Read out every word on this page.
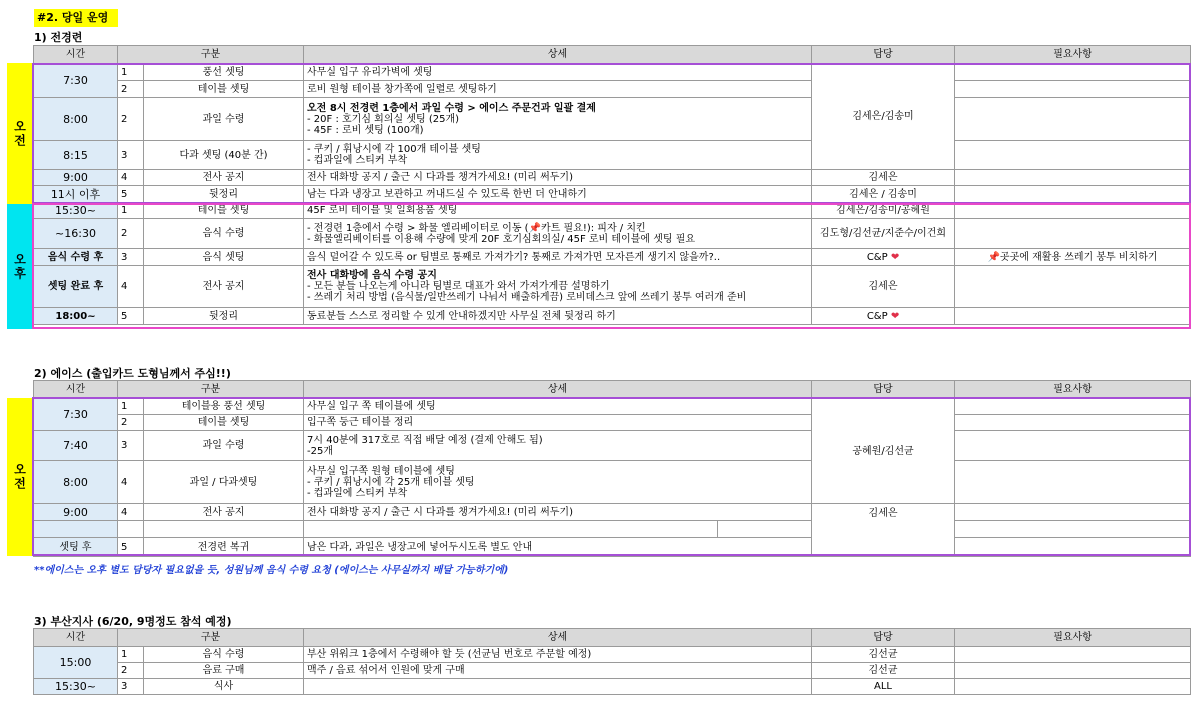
#2. 당일 운영
1) 전경련
오전
오후
시간	구분		상세	담당	필요사항
7:30	1	풍선 셋팅	사무실 입구 유리가벽에 셋팅	김세은/김송미	
	2	테이블 셋팅	로비 원형 테이블 창가쪽에 일렬로 셋팅하기		
8:00	2	과일 수령	오전 8시 전경련 1층에서 과일 수령 > 에이스 주문건과 일괄 결제
- 20F : 호기심 회의실 셋팅 (25개)
- 45F : 로비 셋팅 (100개)		

8:15	3	다과 셋팅 (40분 간)	- 쿠키 / 휘낭시에 각 100개 테이블 셋팅
- 컵과일에 스티커 부착		

9:00	4	전사 공지	전사 대화방 공지 / 출근 시 다과를 챙겨가세요! (미리 써두기)	김세은	
11시 이후	5	뒷정리	남는 다과 냉장고 보관하고 꺼내드실 수 있도록 한번 더 안내하기	김세은 / 김송미	
15:30~	1	테이블 셋팅	45F 로비 테이블 및 일회용품 셋팅	김세은/김송미/공혜원	
~16:30	2	음식 수령	- 전경련 1층에서 수령 > 화물 엘리베이터로 이동 (📌카트 필요!): 피자 / 치킨
- 화물엘리베이터를 이용해 수량에 맞게 20F 호기심회의실/ 45F 로비 테이블에 셋팅 필요	김도형/김선균/지준수/이건희	
음식 수령 후	3	음식 셋팅	음식 덜어갈 수 있도록 or 팀별로 통째로 가져가기? 통째로 가져가면 모자른게 생기지 않을까?..	C&P ❤	📌곳곳에 재활용 쓰레기 봉투 비치하기
셋팅 완료 후	4	전사 공지	전사 대화방에 음식 수령 공지
- 모든 분들 나오는게 아니라 팀별로 대표가 와서 가져가게끔 설명하기
- 쓰레기 처리 방법 (음식물/일반쓰레기 나눠서 배출하게끔) 로비데스크 앞에 쓰레기 봉투 여러개 준비	김세은	
18:00~	5	뒷정리	동료분들 스스로 정리할 수 있게 안내하겠지만 사무실 전체 뒷정리 하기	C&P ❤	
2) 에이스 (출입카드 도형님께서 주심!!)
오전
시간	구분		상세		담당	필요사항
7:30	1	테이블용 풍선 셋팅	사무실 입구 쪽 테이블에 셋팅		공혜원/김선균	
	2	테이블 셋팅	입구쪽 둥근 테이블 정리			
7:40	3	과일 수령	7시 40분에 317호로 직접 배달 예정 (결제 안해도 됨)
-25개			

8:00	4	과일 / 다과셋팅	사무실 입구쪽 원형 테이블에 셋팅
- 쿠키 / 휘낭시에 각 25개 테이블 셋팅
- 컵과일에 스티커 부착			

9:00	4	전사 공지	전사 대화방 공지 / 출근 시 다과를 챙겨가세요! (미리 써두기)		김세은	

셋팅 후	5	전경련 복귀	남은 다과, 과일은 냉장고에 넣어두시도록 별도 안내			
**에이스는 오후 별도 담당자 필요없을 듯, 성원님께 음식 수령 요청 (에이스는 사무실까지 배달 가능하기에)
3) 부산지사 (6/20, 9명정도 참석 예정)
시간	구분		상세	담당	필요사항
15:00	1	음식 수령	부산 위워크 1층에서 수령해야 할 듯 (선균님 번호로 주문할 예정)	김선균	
	2	음료 구매	맥주 / 음료 섞어서 인원에 맞게 구매	김선균	
15:30~	3	식사		ALL	
